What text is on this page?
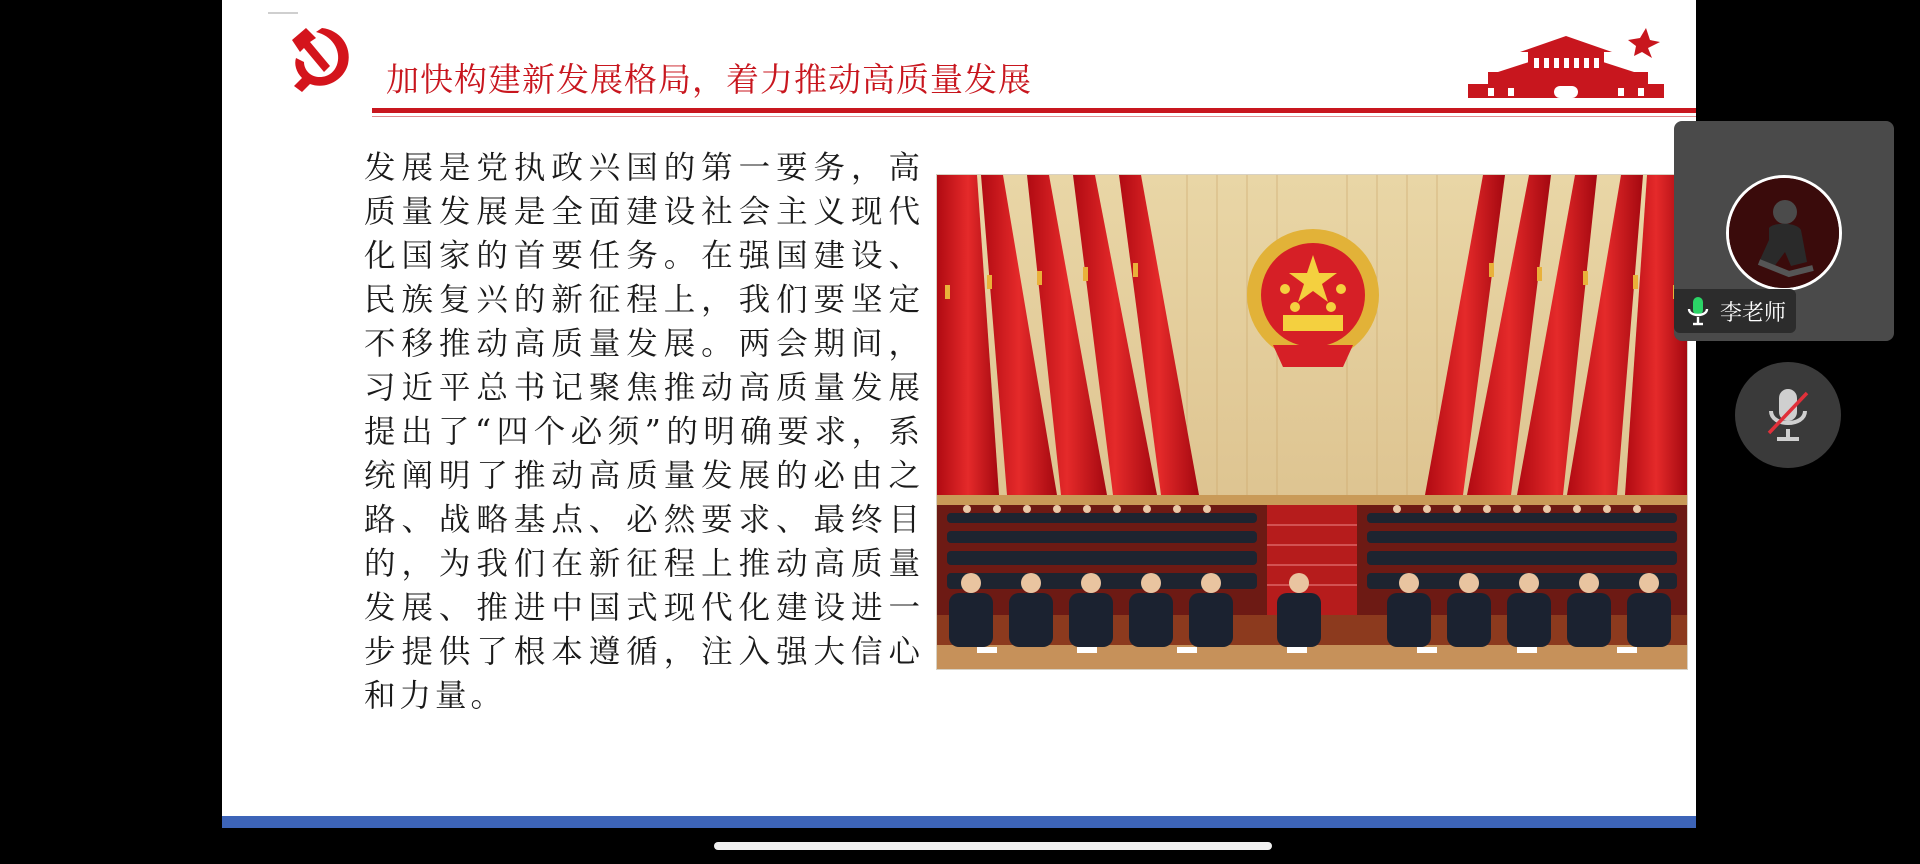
加快构建新发展格局，着力推动高质量发展

发展是党执政兴国的第一要务，高质量发展是全面建设社会主义现代化国家的首要任务。在强国建设、民族复兴的新征程上，我们要坚定不移推动高质量发展。两会期间，习近平总书记聚焦推动高质量发展提出了“四个必须”的明确要求，系统阐明了推动高质量发展的必由之路、战略基点、必然要求、最终目的，为我们在新征程上推动高质量发展、推进中国式现代化建设进一步提供了根本遵循，注入强大信心和力量。

李老师
